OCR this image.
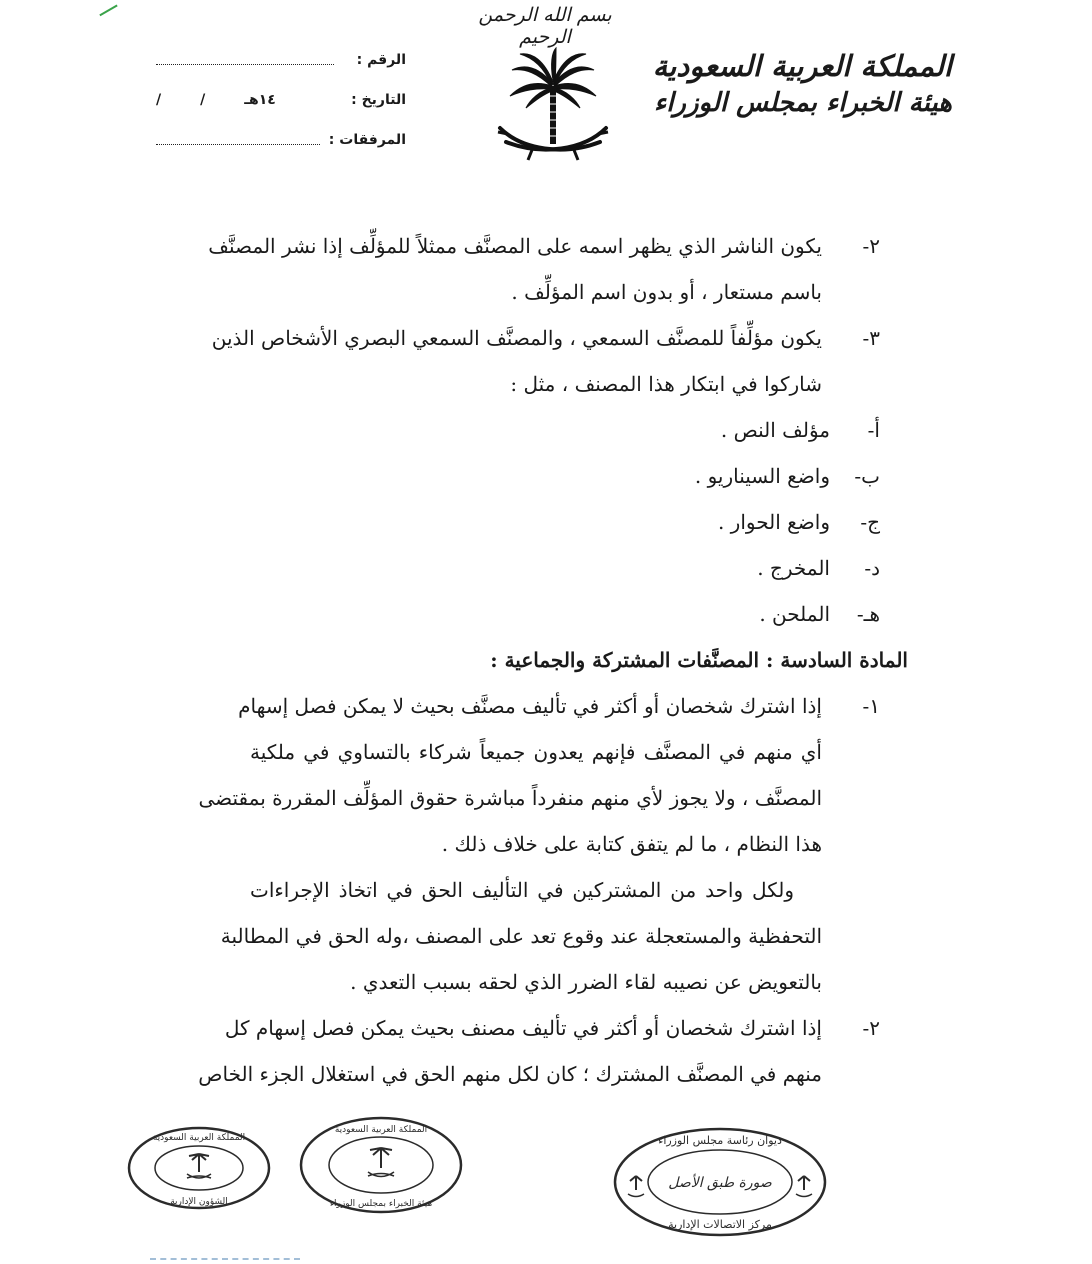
بسم الله الرحمن الرحيم
المملكة العربية السعودية
هيئة الخبراء بمجلس الوزراء
الرقم :
التاريخ :
/        /        ١٤هـ
المرفقات :
٢-يكون الناشر الذي يظهر اسمه على المصنَّف ممثلاً للمؤلِّف إذا نشر المصنَّف
باسم مستعار ، أو بدون اسم المؤلِّف .
٣-يكون مؤلِّفاً للمصنَّف السمعي ، والمصنَّف السمعي البصري الأشخاص الذين
شاركوا في ابتكار هذا المصنف ، مثل :
أ-مؤلف النص .
ب-واضع السيناريو .
ج-واضع الحوار .
د-المخرج .
هـ-الملحن .
المادة السادسة : المصنَّفات المشتركة والجماعية :
١-إذا اشترك شخصان أو أكثر في تأليف مصنَّف بحيث لا يمكن فصل إسهام
أي منهم في المصنَّف فإنهم يعدون جميعاً شركاء بالتساوي في ملكية
المصنَّف ، ولا يجوز لأي منهم منفرداً مباشرة حقوق المؤلِّف المقررة بمقتضى
هذا النظام ، ما لم يتفق كتابة على خلاف ذلك .
ولكل واحد من المشتركين في التأليف الحق في اتخاذ الإجراءات
التحفظية والمستعجلة عند وقوع تعد على المصنف ،وله الحق في المطالبة
بالتعويض عن نصيبه لقاء الضرر الذي لحقه بسبب التعدي .
٢-إذا اشترك شخصان أو أكثر في تأليف مصنف بحيث يمكن فصل إسهام كل
منهم في المصنَّف المشترك ؛ كان لكل منهم الحق في استغلال الجزء الخاص
المملكة العربية السعودية
الشؤون الإدارية
المملكة العربية السعودية
هيئة الخبراء بمجلس الوزراء
ديوان رئاسة مجلس الوزراء
صورة طبق الأصل
مركز الاتصالات الإدارية
